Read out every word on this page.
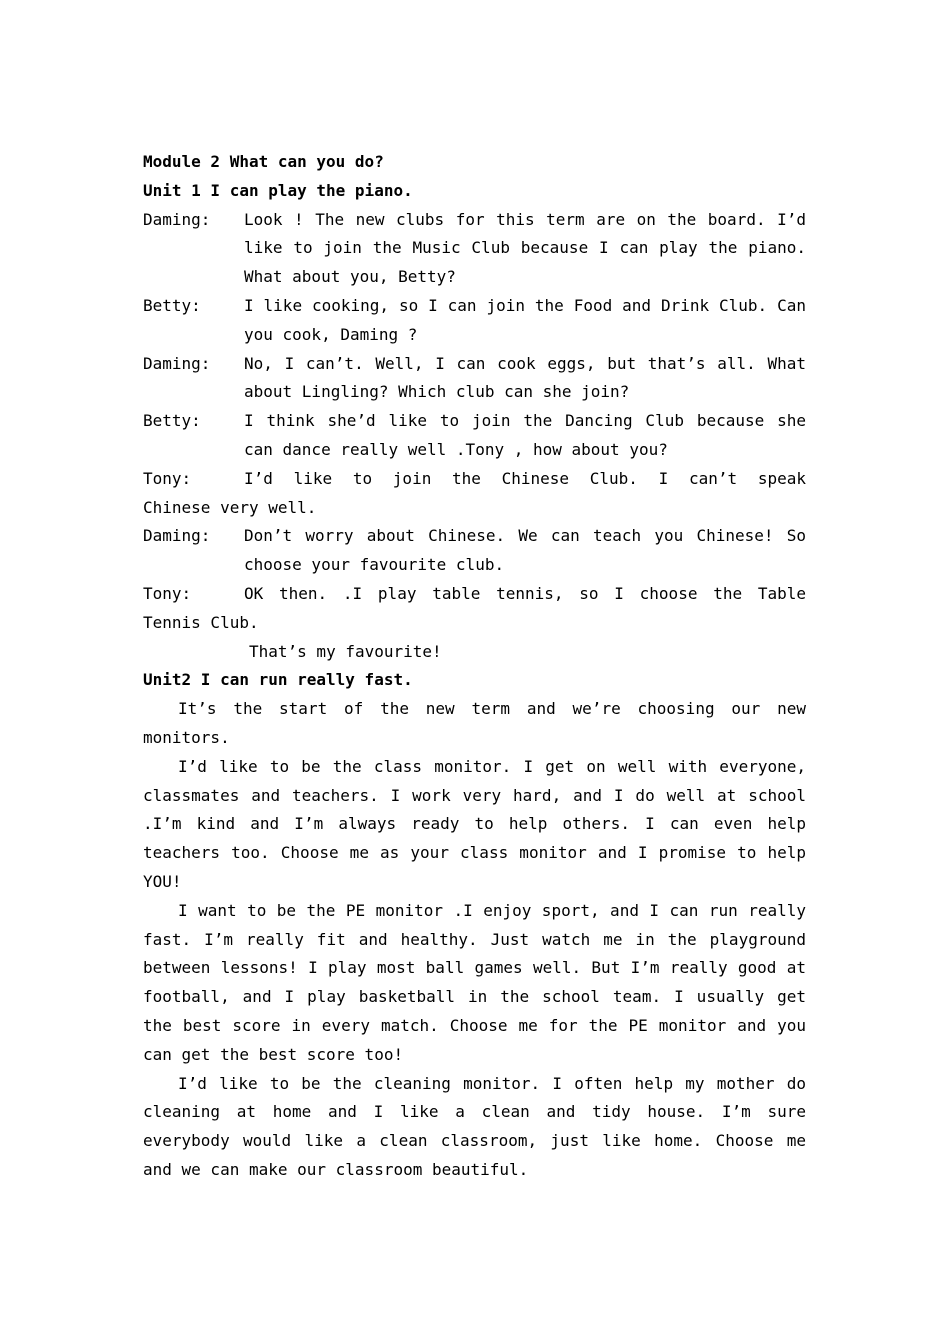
Module 2 What can you do?
Unit 1 I can play the piano.
Daming:	Look ! The new clubs for this term are on the board. I’d like to join the Music Club because I can play the piano. What about you, Betty?
Betty:	I like cooking, so I can join the Food and Drink Club. Can you cook, Daming ?
Daming:	No, I can’t. Well, I can cook eggs, but that’s all. What about Lingling? Which club can she join?
Betty:	I think she’d like to join the Dancing Club because she can dance really well .Tony , how about you?
Tony:	I’d like to join the Chinese Club. I can’t speak
Chinese very well.
Daming:	Don’t worry about Chinese. We can teach you Chinese! So choose your favourite club.
Tony:	OK then. .I play table tennis, so I choose the Table
Tennis Club.
That’s my favourite!
Unit2 I can run really fast.
It’s the start of the new term and we’re choosing our new monitors.
I’d like to be the class monitor. I get on well with everyone, classmates and teachers. I work very hard, and I do well at school .I’m kind and I’m always ready to help others. I can even help teachers too. Choose me as your class monitor and I promise to help YOU!
I want to be the PE monitor .I enjoy sport, and I can run really fast. I’m really fit and healthy. Just watch me in the playground between lessons! I play most ball games well. But I’m really good at football, and I play basketball in the school team. I usually get the best score in every match. Choose me for the PE monitor and you can get the best score too!
I’d like to be the cleaning monitor. I often help my mother do cleaning at home and I like a clean and tidy house. I’m sure everybody would like a clean classroom, just like home. Choose me and we can make our classroom beautiful.
